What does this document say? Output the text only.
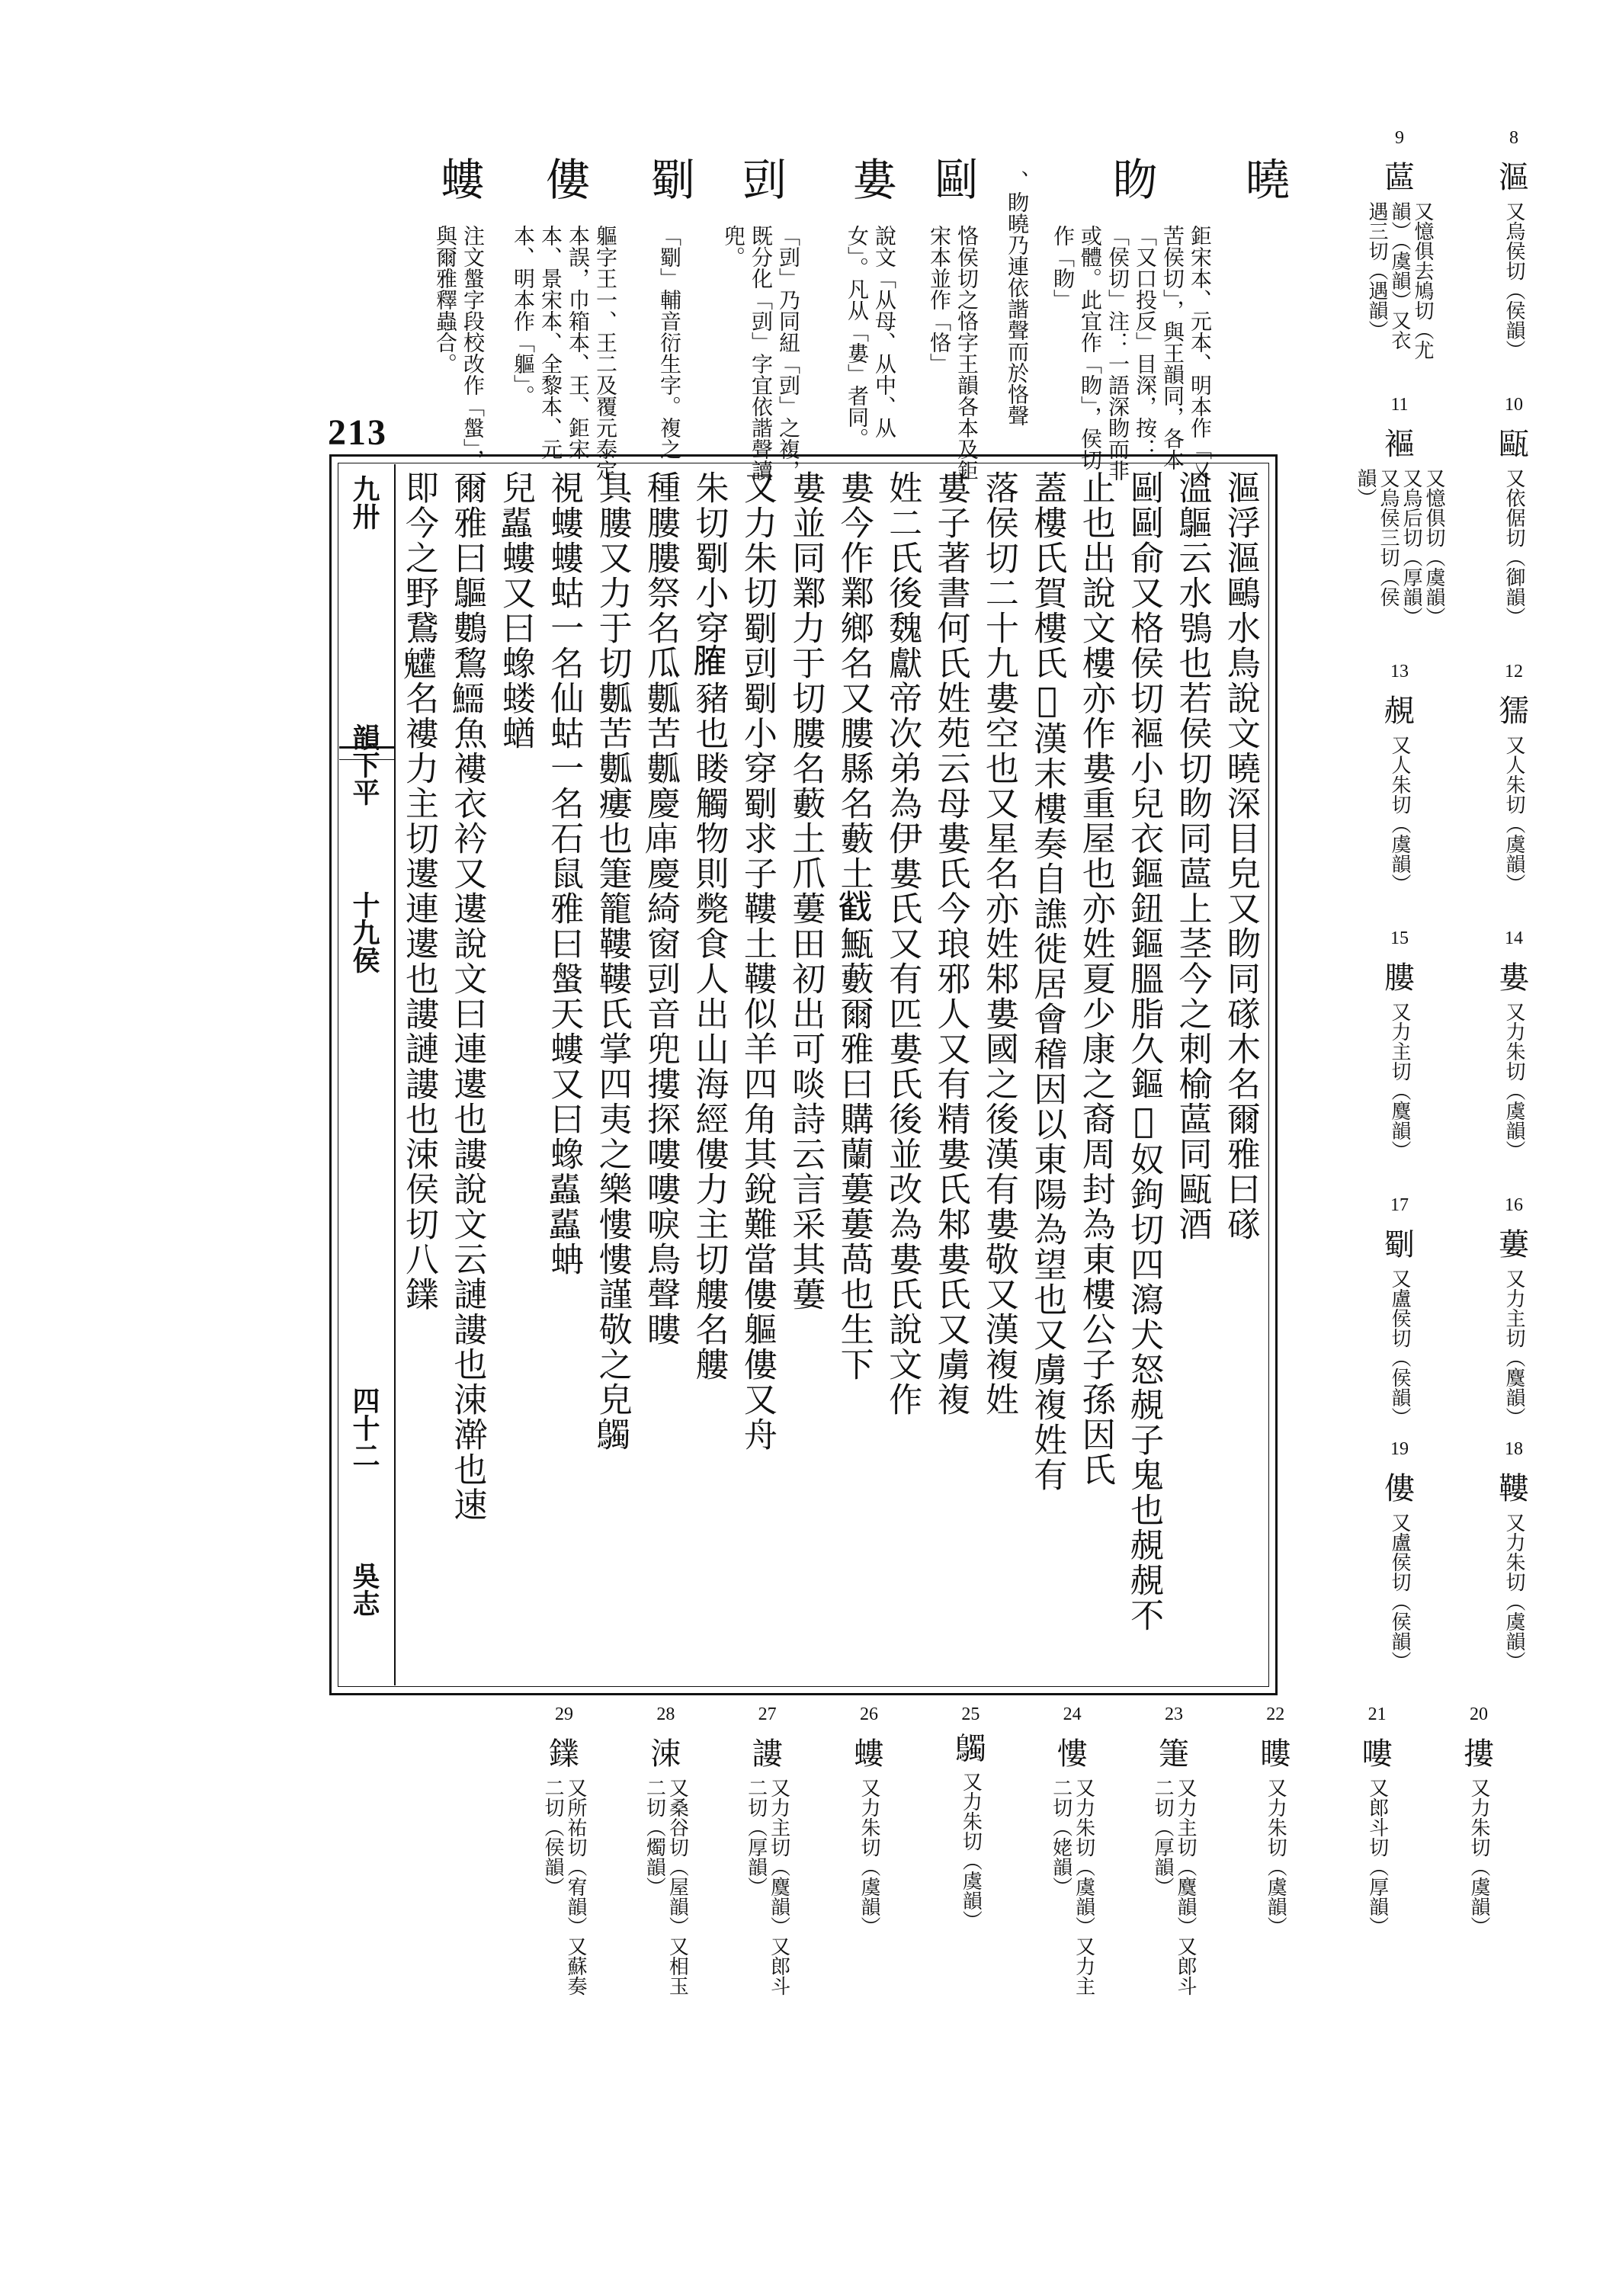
213
曉
䀛
鉅宋本、元本、明本作「又苦侯切」，與王韻同，各本「又口投反」目深，按：「侯切」注：一語深䀛而非或體。此宜作「䀛」，侯切作「䀛」
、䀛曉乃連依諧聲而於恪聲
剾
恪侯切之恪字王韻各本及鉅宋本並作「恪」
婁
說文「从母、从中、从女」。凡从「婁」者同。
剅
「剅」乃同紐「剅」之複，既分化「剅」字宜依諧聲讀兜。
劅
「劅」輔音衍生字。複之
僂
軀字王一、王二及覆元泰定本誤，巾箱本、王、鉅宋本、景宋本、全黎本、元本、明本作「軀」。
螻
注文螌字段校改作「螌」，與爾雅釋蟲合。
九卅
韻下平
十九侯
四十二
吳志
漚浮漚鷗水鳥說文曉深目皃又䀛同䃍木名爾雅曰䃍
溫䳼云水鴞也若侯切䀛同蓲上茎今之刺榆蓲同甌酒
剾剾俞又格侯切䙔小兒衣鏂鈕鏂膃脂久鏂𩾩奴鉤切四瀉犬怒䚂子鬼也䚂䚂不
止也出說文樓亦作婁重屋也亦姓夏少康之裔周封為東樓公子孫因氏
蓋樓氏賀樓氏𧨥漢末樓奏自譙徙居會稽因以東陽為望也又虜複姓有
落侯切二十九婁空也又星名亦姓邾婁國之後漢有婁敬又漢複姓
婁子著書何氏姓苑云母婁氏今琅邪人又有精婁氏邾婁氏又虜複
姓二氏後魏獻帝次弟為伊婁氏又有匹婁氏後並改為婁氏說文作
婁今作鄴鄉名又膢縣名藪土𢧵甒藪爾雅曰購蘭蔞蔞萵也生下
婁並同鄴力于切膢名藪土爪蔞田初出可啖詩云言采其蔞
又力朱切劅剅劅小穿劅求子鞻土鞻似羊四角其銳難當僂軀僂又舟
朱切劅小穿𦞦豬也䁖觸物則斃食人出山海經僂力主切艛名艛
種膢膢祭名瓜𤬏苦𤬏慶𢈢慶綺窗剅音兜摟探嘍嘍唳鳥聲瞜
具膢又力于切𤬏苦𤬏瘻也箑籠鞻鞻氏掌四夷之樂慺慺謹敬之皃𪇆
視螻螻蛄一名仙蛄一名石鼠雅曰螌天螻又曰蟓𧕿𧕿蚺
兒𧕿螻又曰蟓蝼蝤
爾雅曰䳼鷜鵹𩻞魚褸衣衿又遱說文曰連遱也謱說文云謰謱也涑澣也速
即今之野鵞𩵄名褸力主切遱連遱也謱謰謱也涑侯切八𨭥
8
漚
又烏侯切（侯韻）
9
蓲
又憶俱去鳩切（尤韻）（虞韻）又衣遇三切（遇韻）
10
甌
又依倨切（御韻）
11
䙔
又憶俱切（虞韻）又烏后切（厚韻）又烏侯三切（侯韻）
12
獳
又人朱切（虞韻）
13
䚂
又人朱切（虞韻）
14
婁
又力朱切（虞韻）
15
膢
又力主切（麌韻）
16
蔞
又力主切（麌韻）
17
劅
又盧侯切（侯韻）
18
鞻
又力朱切（虞韻）
19
僂
又盧侯切（侯韻）
20
摟
又力朱切（虞韻）
21
嘍
又郎斗切（厚韻）
22
瞜
又力朱切（虞韻）
23
箑
又力主切（麌韻）又郎斗二切（厚韻）
24
慺
又力朱切（虞韻）又力主二切（姥韻）
25
𪇆
又力朱切（虞韻）
26
螻
又力朱切（虞韻）
27
謱
又力主切（麌韻）又郎斗二切（厚韻）
28
涑
又桑谷切（屋韻）又相玉二切（燭韻）
29
𨭥
又所祐切（宥韻）又蘇奏二切（侯韻）
